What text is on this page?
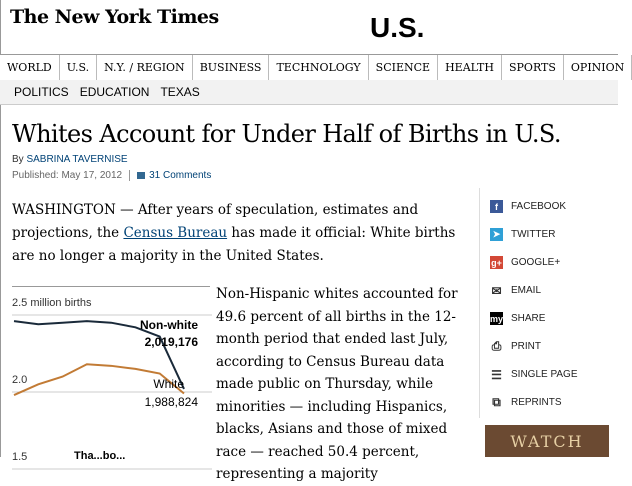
The New York Times	U.S.
WORLD	U.S.	N.Y. / REGION	BUSINESS	TECHNOLOGY	SCIENCE	HEALTH	SPORTS	OPINION
POLITICS EDUCATION TEXAS
Whites Account for Under Half of Births in U.S.
By SABRINA TAVERNISE
Published: May 17, 2012	31 Comments
WASHINGTON — After years of speculation, estimates and projections, the Census Bureau has made it official: White births are no longer a majority in the United States.
2.5 million births
2.0
1.5
Non-white
2,019,176
White
1,988,824
Tha...bo...
Non-Hispanic whites accounted for 49.6 percent of all births in the 12-month period that ended last July, according to Census Bureau data made public on Thursday, while minorities — including Hispanics, blacks, Asians and those of mixed race — reached 50.4 percent, representing a majority
f	FACEBOOK
➤ TWITTER
g+ GOOGLE+
✉ EMAIL
my SHARE
⎙ PRINT
☰ SINGLE PAGE
⧉ REPRINTS
WATCH
